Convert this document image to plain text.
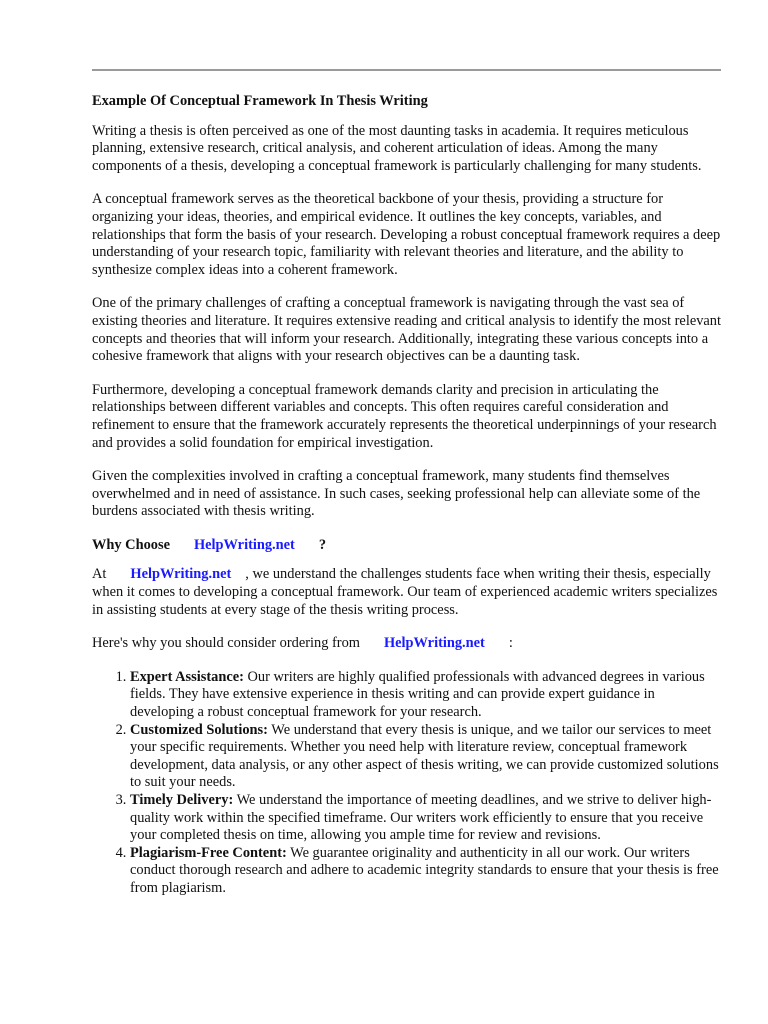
Example Of Conceptual Framework In Thesis Writing

Writing a thesis is often perceived as one of the most daunting tasks in academia. It requires meticulous planning, extensive research, critical analysis, and coherent articulation of ideas. Among the many components of a thesis, developing a conceptual framework is particularly challenging for many students.

A conceptual framework serves as the theoretical backbone of your thesis, providing a structure for organizing your ideas, theories, and empirical evidence. It outlines the key concepts, variables, and relationships that form the basis of your research. Developing a robust conceptual framework requires a deep understanding of your research topic, familiarity with relevant theories and literature, and the ability to synthesize complex ideas into a coherent framework.

One of the primary challenges of crafting a conceptual framework is navigating through the vast sea of existing theories and literature. It requires extensive reading and critical analysis to identify the most relevant concepts and theories that will inform your research. Additionally, integrating these various concepts into a cohesive framework that aligns with your research objectives can be a daunting task.

Furthermore, developing a conceptual framework demands clarity and precision in articulating the relationships between different variables and concepts. This often requires careful consideration and refinement to ensure that the framework accurately represents the theoretical underpinnings of your research and provides a solid foundation for empirical investigation.

Given the complexities involved in crafting a conceptual framework, many students find themselves overwhelmed and in need of assistance. In such cases, seeking professional help can alleviate some of the burdens associated with thesis writing.

Why Choose HelpWriting.net ?

At HelpWriting.net , we understand the challenges students face when writing their thesis, especially when it comes to developing a conceptual framework. Our team of experienced academic writers specializes in assisting students at every stage of the thesis writing process.

Here's why you should consider ordering from HelpWriting.net :

1. Expert Assistance: Our writers are highly qualified professionals with advanced degrees in various fields. They have extensive experience in thesis writing and can provide expert guidance in developing a robust conceptual framework for your research.
2. Customized Solutions: We understand that every thesis is unique, and we tailor our services to meet your specific requirements. Whether you need help with literature review, conceptual framework development, data analysis, or any other aspect of thesis writing, we can provide customized solutions to suit your needs.
3. Timely Delivery: We understand the importance of meeting deadlines, and we strive to deliver high-quality work within the specified timeframe. Our writers work efficiently to ensure that you receive your completed thesis on time, allowing you ample time for review and revisions.
4. Plagiarism-Free Content: We guarantee originality and authenticity in all our work. Our writers conduct thorough research and adhere to academic integrity standards to ensure that your thesis is free from plagiarism.
